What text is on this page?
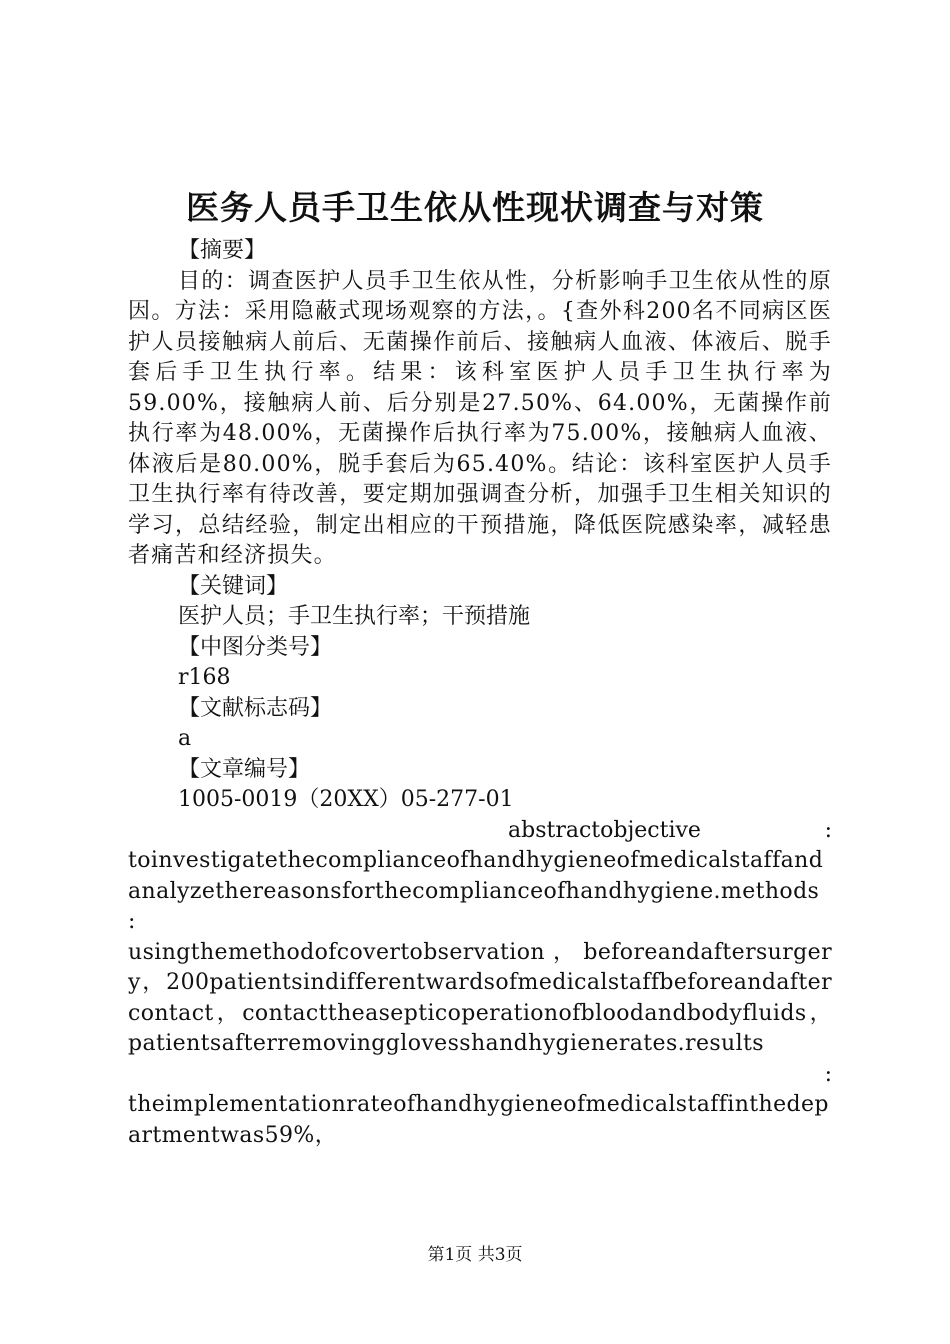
医务人员手卫生依从性现状调查与对策

【摘要】

目的：调查医护人员手卫生依从性，分析影响手卫生依从性的原因。方法：采用隐蔽式现场观察的方法，。{查外科200名不同病区医护人员接触病人前后、无菌操作前后、接触病人血液、体液后、脱手套后手卫生执行率。结果：该科室医护人员手卫生执行率为59.00%，接触病人前、后分别是27.50%、64.00%，无菌操作前执行率为48.00%，无菌操作后执行率为75.00%，接触病人血液、体液后是80.00%，脱手套后为65.40%。结论：该科室医护人员手卫生执行率有待改善，要定期加强调查分析，加强手卫生相关知识的学习，总结经验，制定出相应的干预措施，降低医院感染率，减轻患者痛苦和经济损失。

【关键词】

医护人员；手卫生执行率；干预措施

【中图分类号】

r168

【文献标志码】

a

【文章编号】

1005-0019（20XX）05-277-01

abstractobjective	:

toinvestigatethecomplianceofhandhygieneofmedicalstaffandanalyzethereasonsforthecomplianceofhandhygiene.methods

:

usingthemethodofcovertobservation，beforeandaftersurgery，200patientsindifferentwardsofmedicalstaffbeforeandaftercontact，contacttheasepticoperationofbloodandbodyfluids，patientsafterremovingglovesshandhygienerates.results

:

theimplementationrateofhandhygieneofmedicalstaffinthedepartmentwas59%，

第1页 共3页
